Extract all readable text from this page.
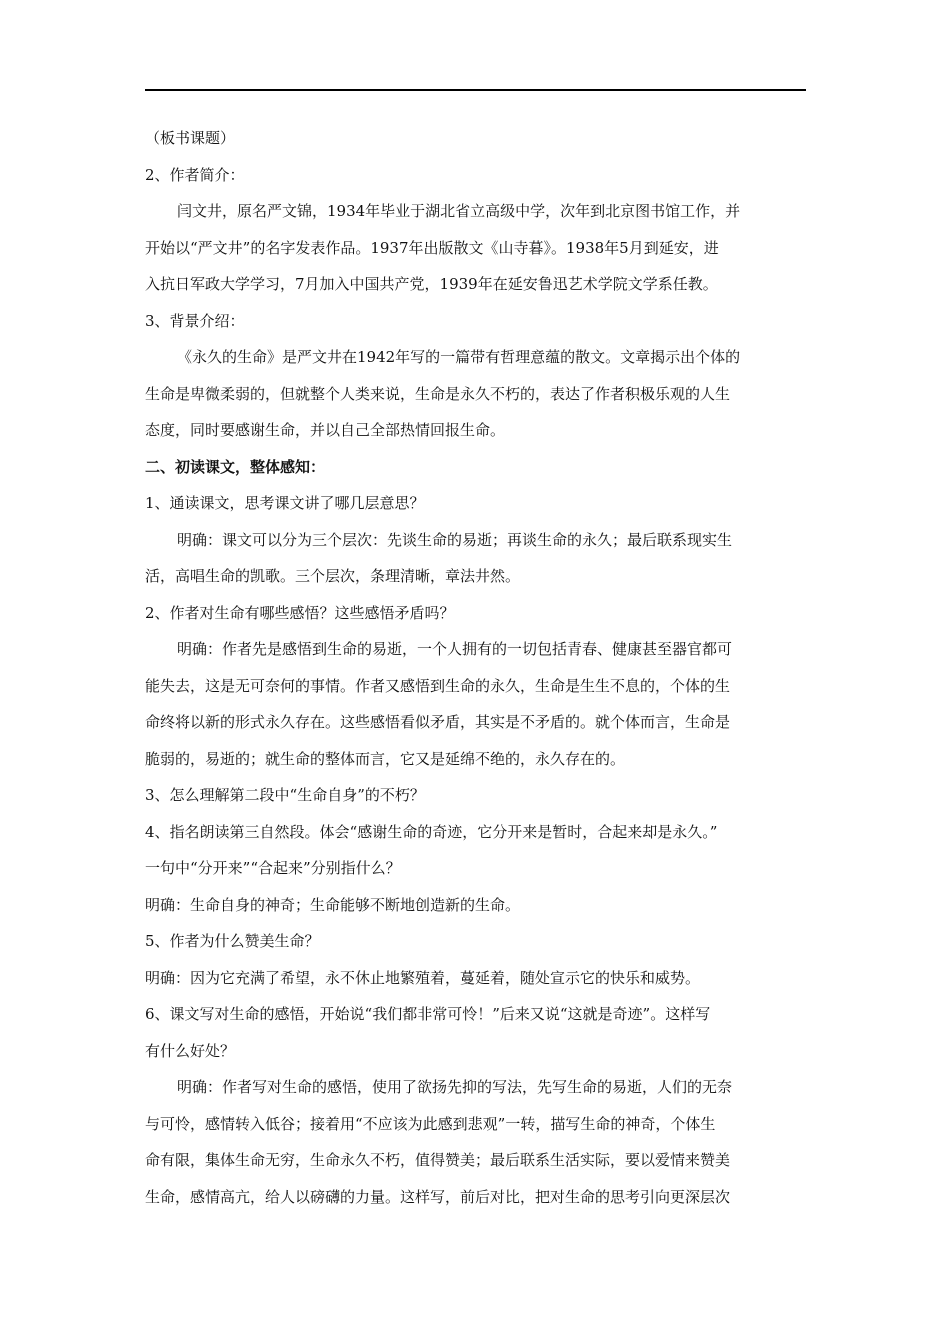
（板书课题）
2、作者简介：
闫文井，原名严文锦，1934年毕业于湖北省立高级中学，次年到北京图书馆工作，并
开始以“严文井”的名字发表作品。1937年出版散文《山寺暮》。1938年5月到延安，进
入抗日军政大学学习，7月加入中国共产党，1939年在延安鲁迅艺术学院文学系任教。
3、背景介绍：
《永久的生命》是严文井在1942年写的一篇带有哲理意蕴的散文。文章揭示出个体的
生命是卑微柔弱的，但就整个人类来说，生命是永久不朽的，表达了作者积极乐观的人生
态度，同时要感谢生命，并以自己全部热情回报生命。
二、初读课文，整体感知：
1、通读课文，思考课文讲了哪几层意思？
明确：课文可以分为三个层次：先谈生命的易逝；再谈生命的永久；最后联系现实生
活，高唱生命的凯歌。三个层次，条理清晰，章法井然。
2、作者对生命有哪些感悟？这些感悟矛盾吗？
明确：作者先是感悟到生命的易逝，一个人拥有的一切包括青春、健康甚至器官都可
能失去，这是无可奈何的事情。作者又感悟到生命的永久，生命是生生不息的，个体的生
命终将以新的形式永久存在。这些感悟看似矛盾，其实是不矛盾的。就个体而言，生命是
脆弱的，易逝的；就生命的整体而言，它又是延绵不绝的，永久存在的。
3、怎么理解第二段中“生命自身”的不朽？
4、指名朗读第三自然段。体会“感谢生命的奇迹，它分开来是暂时，合起来却是永久。”
一句中“分开来”“合起来”分别指什么？
明确：生命自身的神奇；生命能够不断地创造新的生命。
5、作者为什么赞美生命？
明确：因为它充满了希望，永不休止地繁殖着，蔓延着，随处宣示它的快乐和威势。
6、课文写对生命的感悟，开始说“我们都非常可怜！”后来又说“这就是奇迹”。这样写
有什么好处？
明确：作者写对生命的感悟，使用了欲扬先抑的写法，先写生命的易逝，人们的无奈
与可怜，感情转入低谷；接着用“不应该为此感到悲观”一转，描写生命的神奇，个体生
命有限，集体生命无穷，生命永久不朽，值得赞美；最后联系生活实际，要以爱情来赞美
生命，感情高亢，给人以磅礴的力量。这样写，前后对比，把对生命的思考引向更深层次
